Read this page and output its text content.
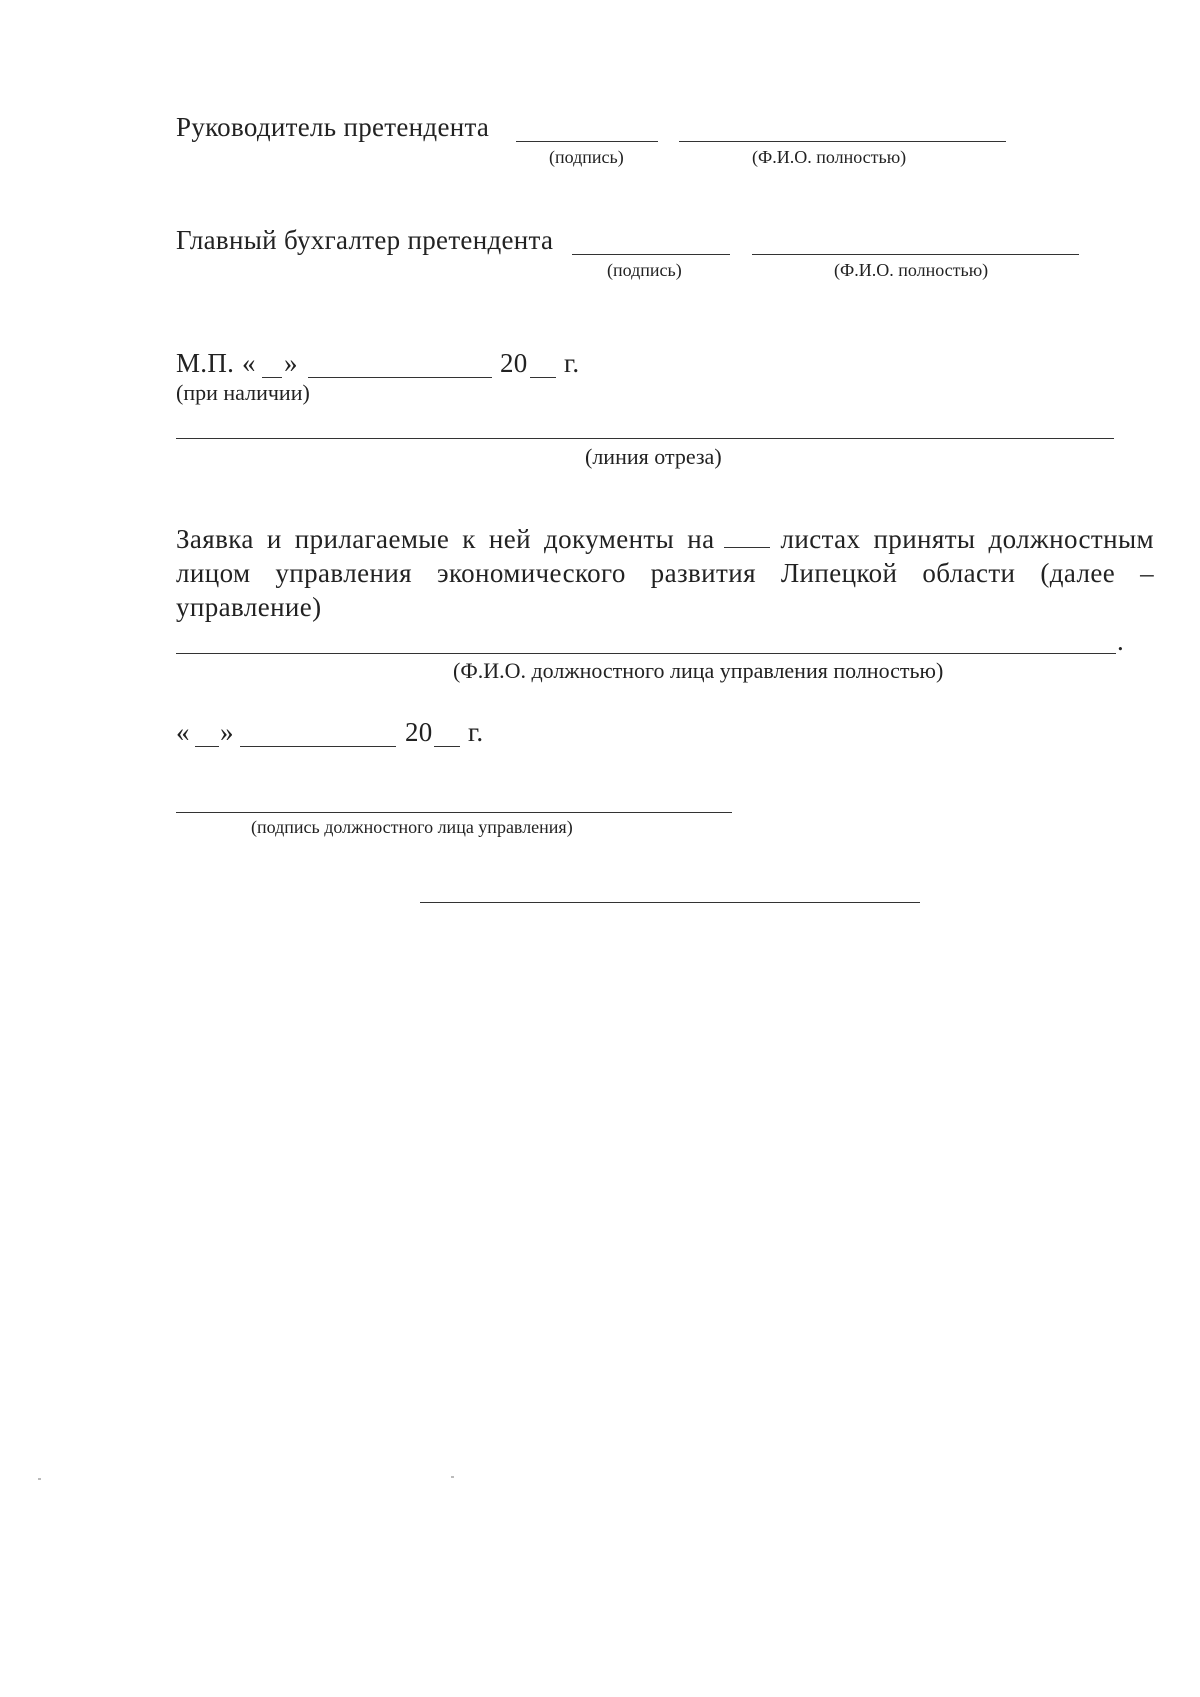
Руководитель претендента
(подпись)	(Ф.И.О. полностью)
Главный бухгалтер претендента
(подпись)	(Ф.И.О. полностью)
М.П. « »	20 г.
(при наличии)
(линия отреза)
Заявка и прилагаемые к ней документы на листах приняты должностным лицом управления экономического развития Липецкой области (далее – управление)
.
(Ф.И.О. должностного лица управления полностью)
« »	20 г.
(подпись должностного лица управления)
